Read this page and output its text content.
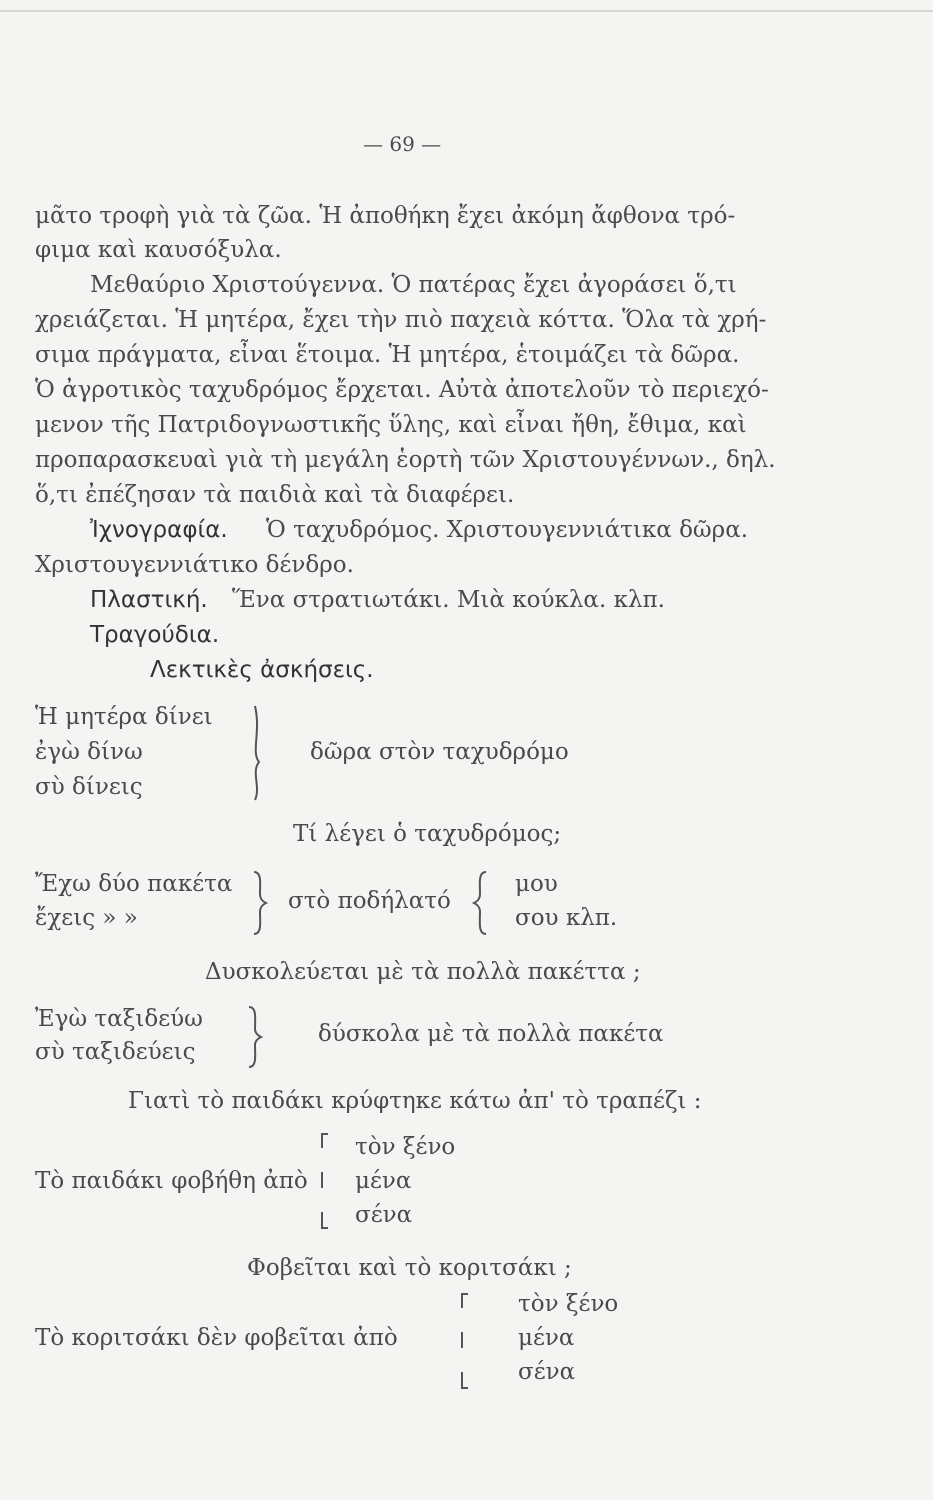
— 69 —
μᾶτο τροφὴ γιὰ τὰ ζῶα. Ἡ ἀποθήκη ἔχει ἀκόμη ἄφθονα τρό-
φιμα καὶ καυσόξυλα.
Μεθαύριο Χριστούγεννα. Ὁ πατέρας ἔχει ἀγοράσει ὅ,τι
χρειάζεται. Ἡ μητέρα, ἔχει τὴν πιὸ παχειὰ κόττα. Ὅλα τὰ χρή-
σιμα πράγματα, εἶναι ἕτοιμα. Ἡ μητέρα, ἑτοιμάζει τὰ δῶρα.
Ὁ ἀγροτικὸς ταχυδρόμος ἔρχεται. Αὐτὰ ἀποτελοῦν τὸ περιεχό-
μενον τῆς Πατριδογνωστικῆς ὕλης, καὶ εἶναι ἤθη, ἔθιμα, καὶ
προπαρασκευαὶ γιὰ τὴ μεγάλη ἑορτὴ τῶν Χριστουγέννων., δηλ.
ὅ,τι ἐπέζησαν τὰ παιδιὰ καὶ τὰ διαφέρει.
Ἰχνογραφία. Ὁ ταχυδρόμος. Χριστουγεννιάτικα δῶρα.
Χριστουγεννιάτικο δένδρο.
Πλαστική. Ἕνα στρατιωτάκι. Μιὰ κούκλα. κλπ.
Τραγούδια.
Λεκτικὲς ἀσκήσεις.
Ἡ μητέρα δίνει
ἐγὼ δίνω
σὺ δίνεις
δῶρα στὸν ταχυδρόμο
Τί λέγει ὁ ταχυδρόμος;
Ἔχω δύο πακέτα
ἔχεις » »
στὸ ποδήλατό
μου
σου κλπ.
Δυσκολεύεται μὲ τὰ πολλὰ πακέττα ;
Ἐγὼ ταξιδεύω
σὺ ταξιδεύεις
δύσκολα μὲ τὰ πολλὰ πακέτα
Γιατὶ τὸ παιδάκι κρύφτηκε κάτω ἀπ' τὸ τραπέζι :
Τὸ παιδάκι φοβήθη ἀπὸ
τὸν ξένο
μένα
σένα
Φοβεῖται καὶ τὸ κοριτσάκι ;
Τὸ κοριτσάκι δὲν φοβεῖται ἀπὸ
τὸν ξένο
μένα
σένα
